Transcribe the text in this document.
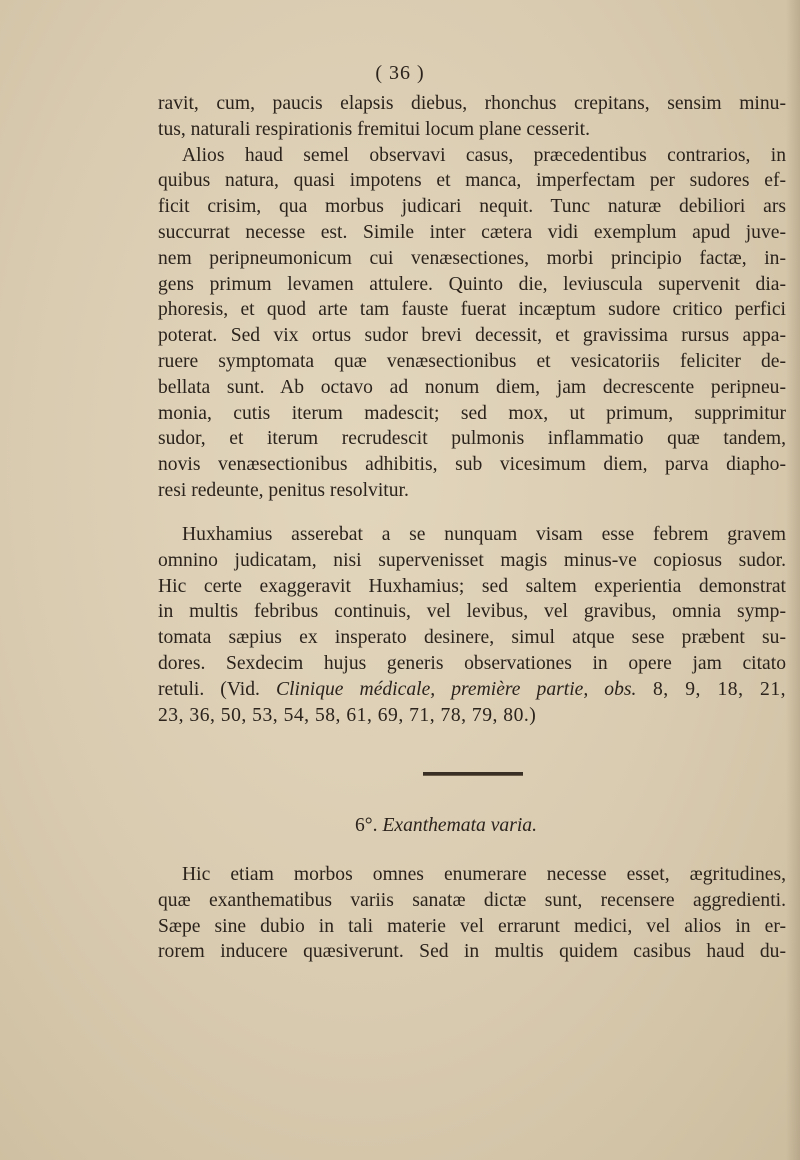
( 36 )
ravit, cum, paucis elapsis diebus, rhonchus crepitans, sensim minu-
tus, naturali respirationis fremitui locum plane cesserit.
Alios haud semel observavi casus, præcedentibus contrarios, in
quibus natura, quasi impotens et manca, imperfectam per sudores ef-
ficit crisim, qua morbus judicari nequit. Tunc naturæ debiliori ars
succurrat necesse est. Simile inter cætera vidi exemplum apud juve-
nem peripneumonicum cui venæsectiones, morbi principio factæ, in-
gens primum levamen attulere. Quinto die, leviuscula supervenit dia-
phoresis, et quod arte tam fauste fuerat incæptum sudore critico perfici
poterat. Sed vix ortus sudor brevi decessit, et gravissima rursus appa-
ruere symptomata quæ venæsectionibus et vesicatoriis feliciter de-
bellata sunt. Ab octavo ad nonum diem, jam decrescente peripneu-
monia, cutis iterum madescit; sed mox, ut primum, supprimitur
sudor, et iterum recrudescit pulmonis inflammatio quæ tandem,
novis venæsectionibus adhibitis, sub vicesimum diem, parva diapho-
resi redeunte, penitus resolvitur.
Huxhamius asserebat a se nunquam visam esse febrem gravem
omnino judicatam, nisi supervenisset magis minus-ve copiosus sudor.
Hic certe exaggeravit Huxhamius; sed saltem experientia demonstrat
in multis febribus continuis, vel levibus, vel gravibus, omnia symp-
tomata sæpius ex insperato desinere, simul atque sese præbent su-
dores. Sexdecim hujus generis observationes in opere jam citato
retuli. (Vid. Clinique médicale, première partie, obs. 8, 9, 18, 21,
23, 36, 50, 53, 54, 58, 61, 69, 71, 78, 79, 80.)
6°. Exanthemata varia.
Hic etiam morbos omnes enumerare necesse esset, ægritudines,
quæ exanthematibus variis sanatæ dictæ sunt, recensere aggredienti.
Sæpe sine dubio in tali materie vel errarunt medici, vel alios in er-
rorem inducere quæsiverunt. Sed in multis quidem casibus haud du-
